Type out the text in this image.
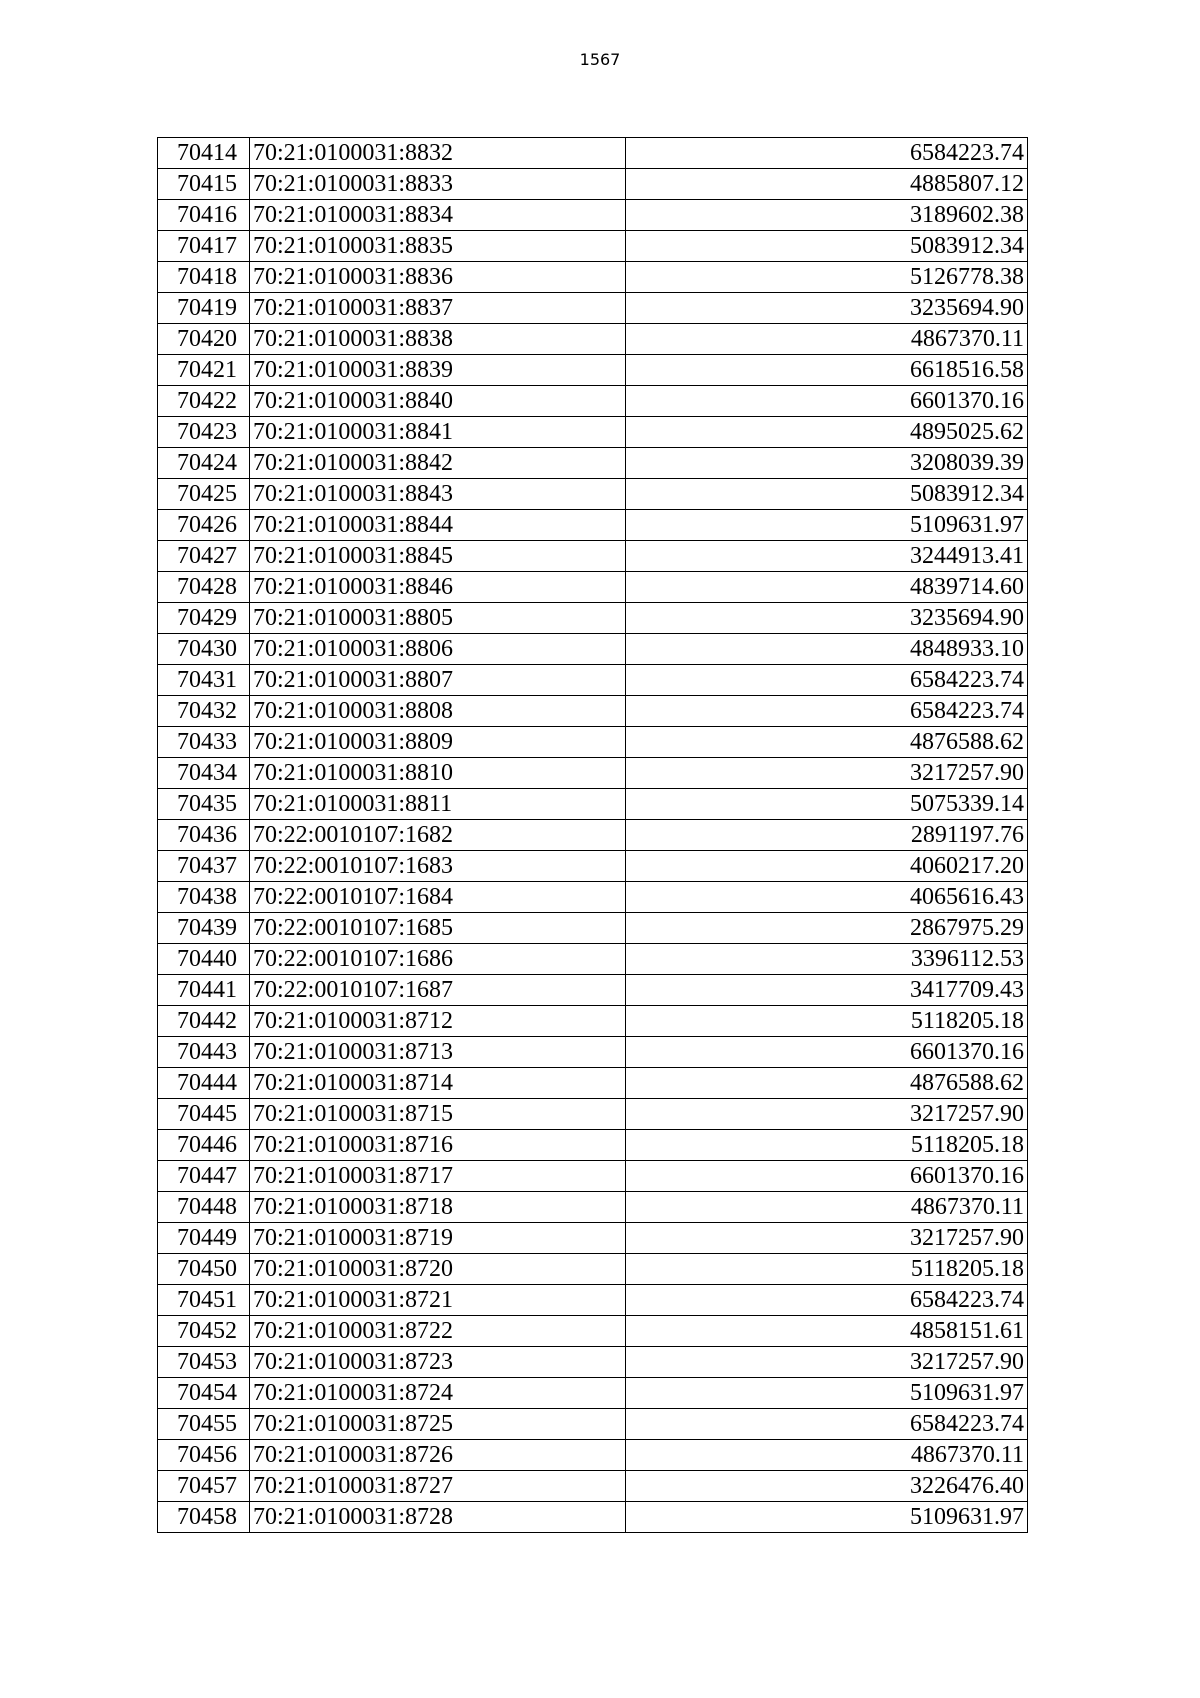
1567
70414	70:21:0100031:8832	6584223.74
70415	70:21:0100031:8833	4885807.12
70416	70:21:0100031:8834	3189602.38
70417	70:21:0100031:8835	5083912.34
70418	70:21:0100031:8836	5126778.38
70419	70:21:0100031:8837	3235694.90
70420	70:21:0100031:8838	4867370.11
70421	70:21:0100031:8839	6618516.58
70422	70:21:0100031:8840	6601370.16
70423	70:21:0100031:8841	4895025.62
70424	70:21:0100031:8842	3208039.39
70425	70:21:0100031:8843	5083912.34
70426	70:21:0100031:8844	5109631.97
70427	70:21:0100031:8845	3244913.41
70428	70:21:0100031:8846	4839714.60
70429	70:21:0100031:8805	3235694.90
70430	70:21:0100031:8806	4848933.10
70431	70:21:0100031:8807	6584223.74
70432	70:21:0100031:8808	6584223.74
70433	70:21:0100031:8809	4876588.62
70434	70:21:0100031:8810	3217257.90
70435	70:21:0100031:8811	5075339.14
70436	70:22:0010107:1682	2891197.76
70437	70:22:0010107:1683	4060217.20
70438	70:22:0010107:1684	4065616.43
70439	70:22:0010107:1685	2867975.29
70440	70:22:0010107:1686	3396112.53
70441	70:22:0010107:1687	3417709.43
70442	70:21:0100031:8712	5118205.18
70443	70:21:0100031:8713	6601370.16
70444	70:21:0100031:8714	4876588.62
70445	70:21:0100031:8715	3217257.90
70446	70:21:0100031:8716	5118205.18
70447	70:21:0100031:8717	6601370.16
70448	70:21:0100031:8718	4867370.11
70449	70:21:0100031:8719	3217257.90
70450	70:21:0100031:8720	5118205.18
70451	70:21:0100031:8721	6584223.74
70452	70:21:0100031:8722	4858151.61
70453	70:21:0100031:8723	3217257.90
70454	70:21:0100031:8724	5109631.97
70455	70:21:0100031:8725	6584223.74
70456	70:21:0100031:8726	4867370.11
70457	70:21:0100031:8727	3226476.40
70458	70:21:0100031:8728	5109631.97
